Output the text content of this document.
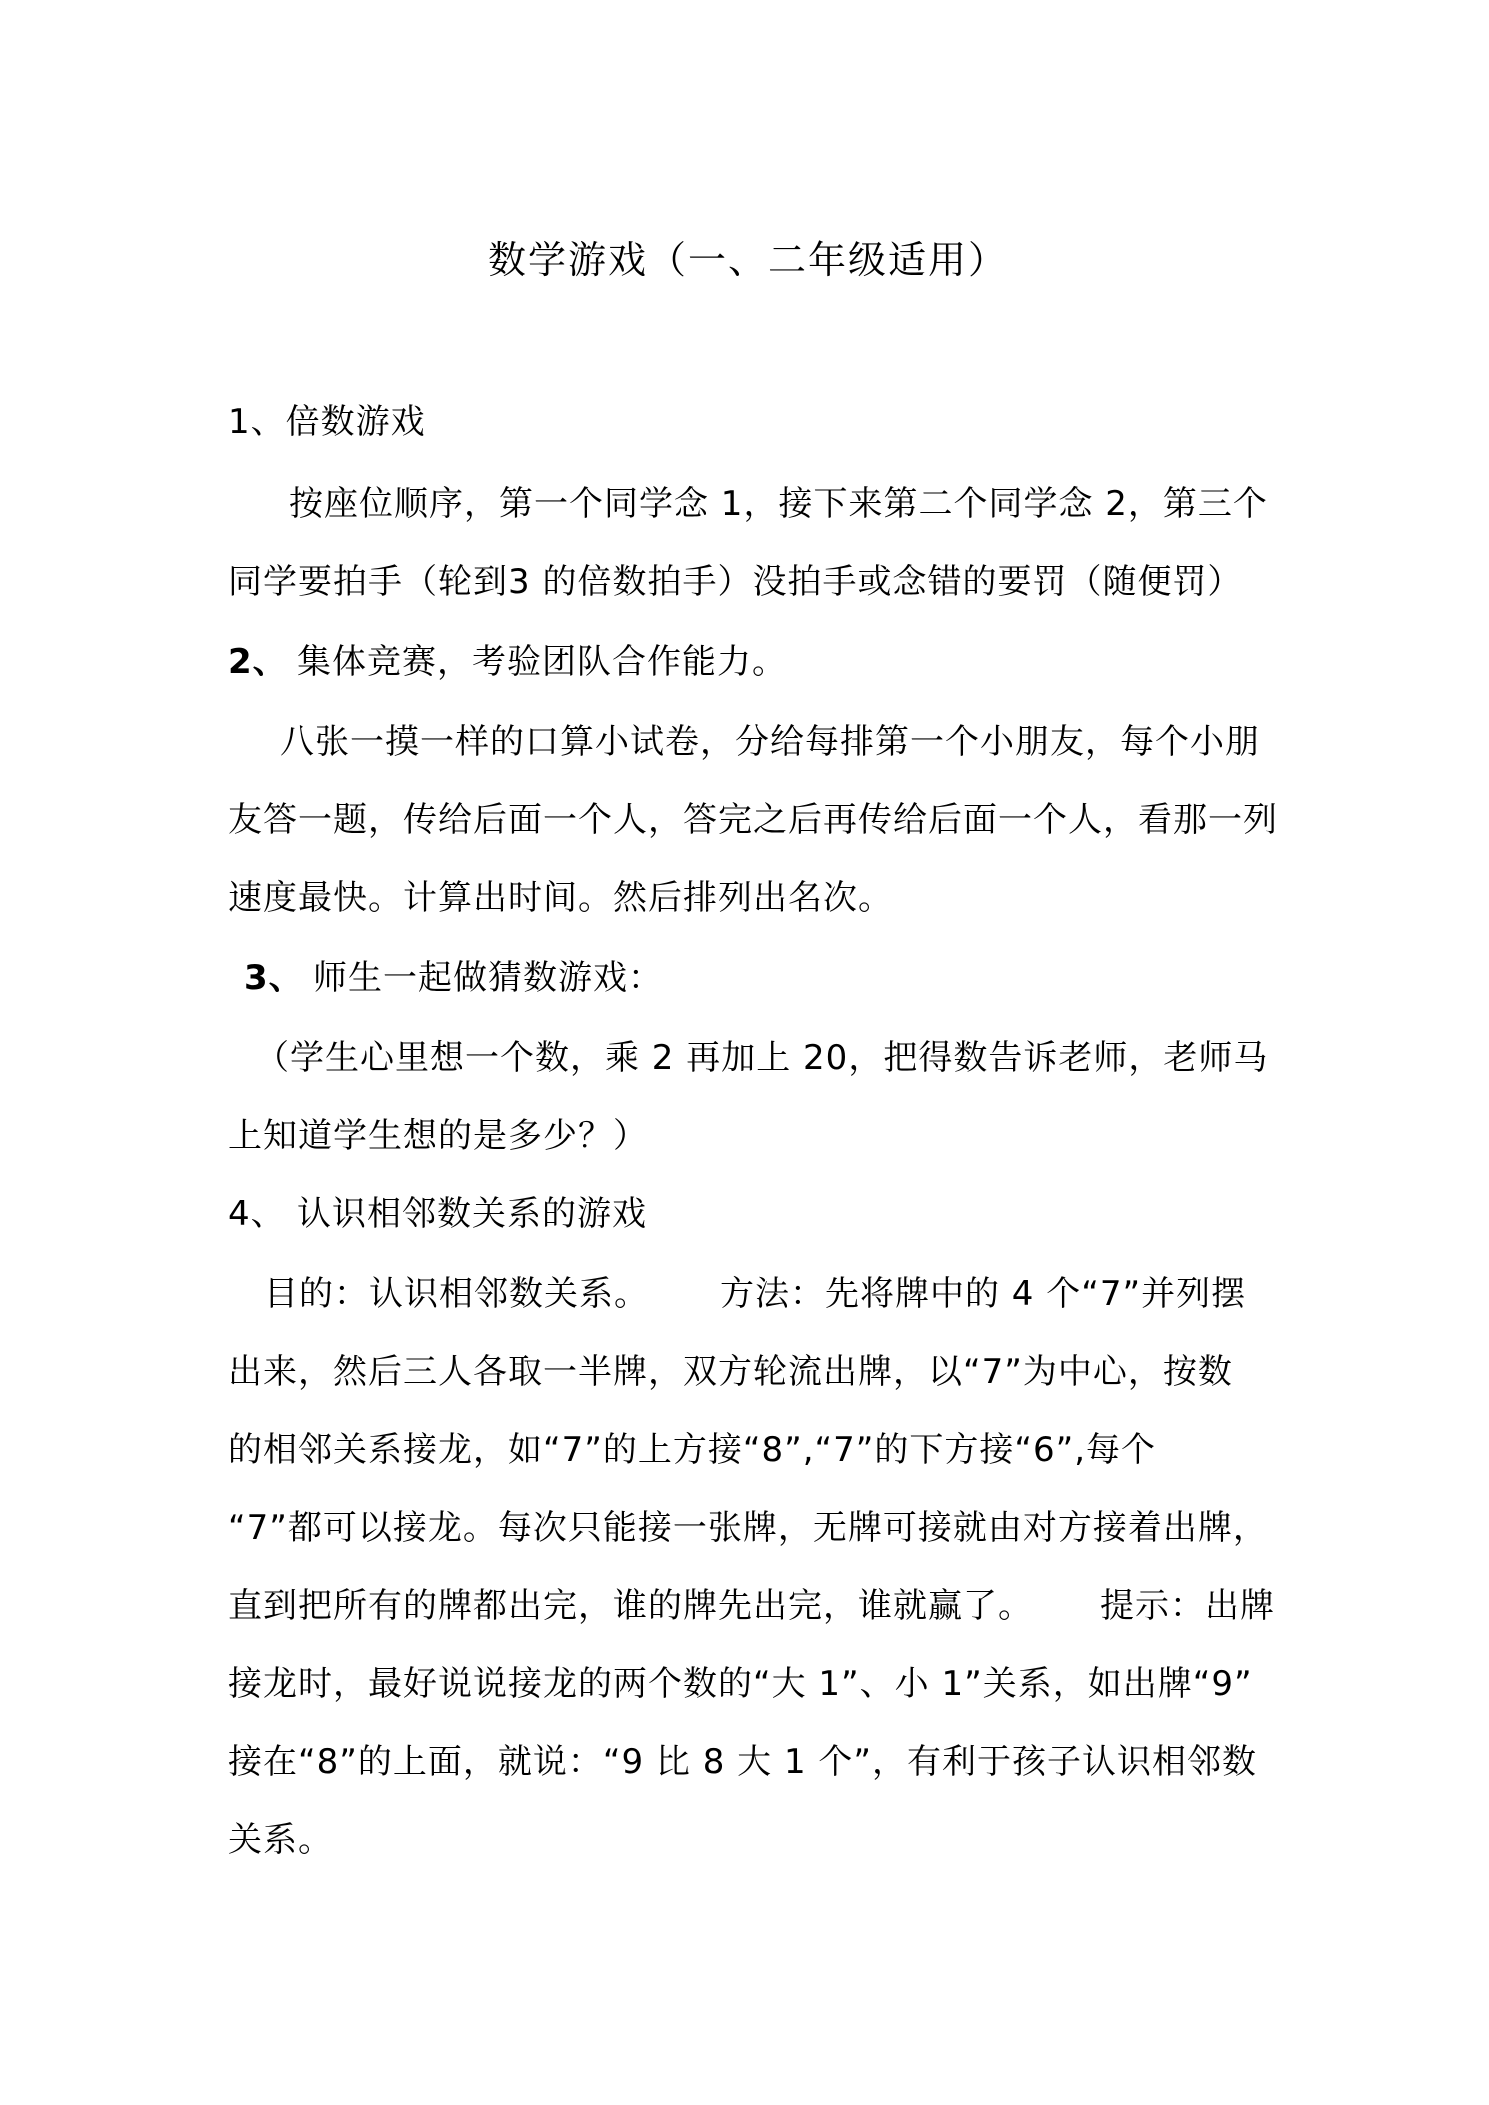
数学游戏（一、二年级适用）
1、倍数游戏
按座位顺序，第一个同学念 1，接下来第二个同学念 2，第三个
同学要拍手（轮到3 的倍数拍手）没拍手或念错的要罚（随便罚）
2、 集体竞赛，考验团队合作能力。
八张一摸一样的口算小试卷，分给每排第一个小朋友，每个小朋
友答一题，传给后面一个人，答完之后再传给后面一个人，看那一列
速度最快。计算出时间。然后排列出名次。
3、 师生一起做猜数游戏：
（学生心里想一个数，乘 2 再加上 20，把得数告诉老师，老师马
上知道学生想的是多少？）
4、 认识相邻数关系的游戏
目的：认识相邻数关系。 方法：先将牌中的 4 个“7”并列摆
出来，然后三人各取一半牌，双方轮流出牌，以“7”为中心，按数
的相邻关系接龙，如“7”的上方接“8”,“7”的下方接“6”,每个
“7”都可以接龙。每次只能接一张牌，无牌可接就由对方接着出牌，
直到把所有的牌都出完，谁的牌先出完，谁就赢了。 提示：出牌
接龙时，最好说说接龙的两个数的“大 1”、小 1”关系，如出牌“9”
接在“8”的上面，就说：“9 比 8 大 1 个”，有利于孩子认识相邻数
关系。
